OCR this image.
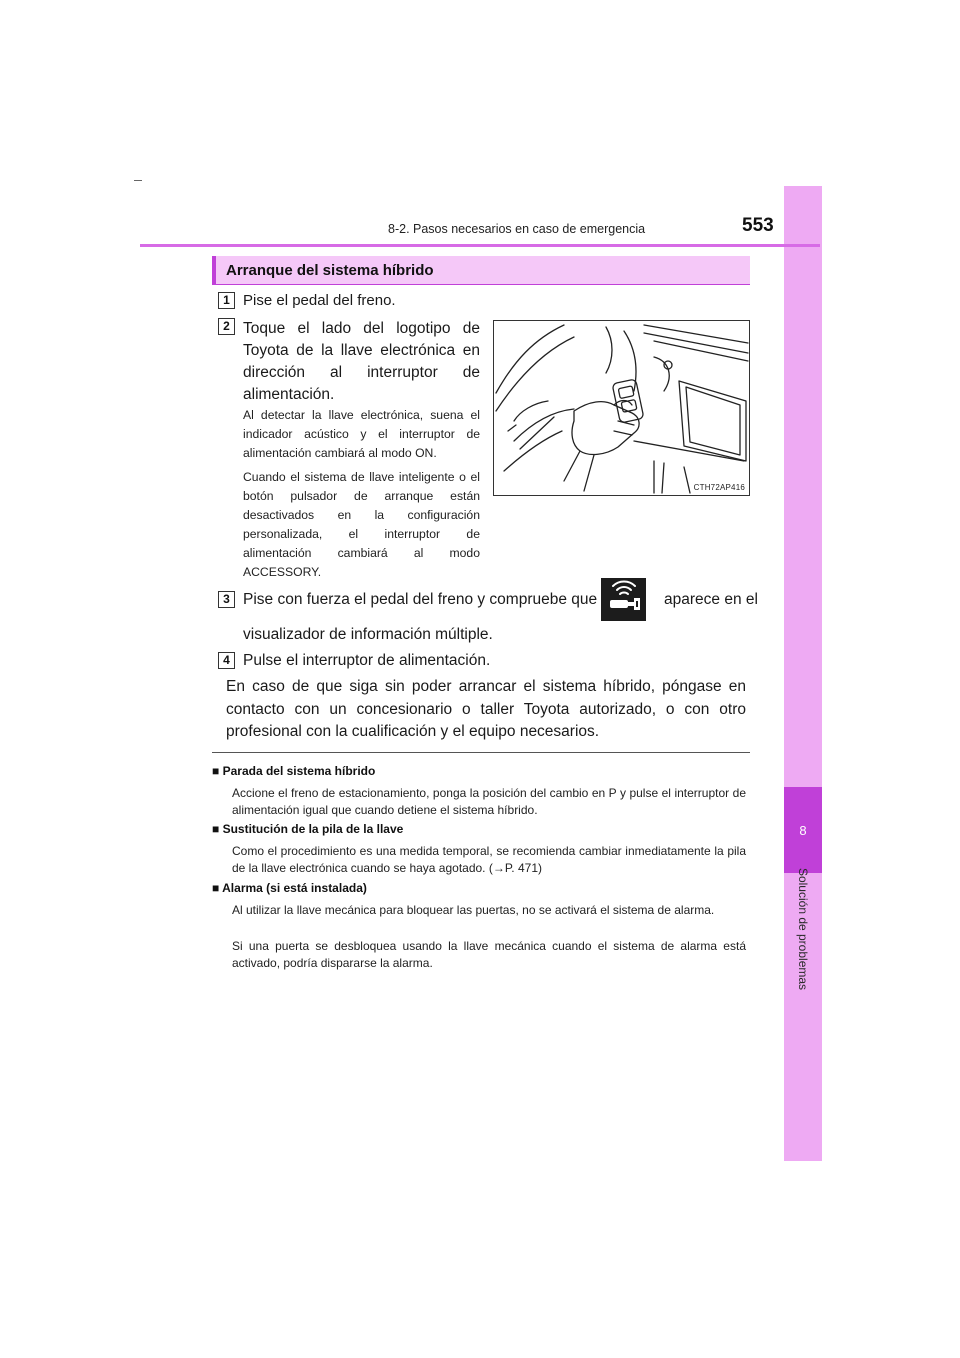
8
Solución de problemas
8-2. Pasos necesarios en caso de emergencia	553
Arranque del sistema híbrido
1 Pise el pedal del freno.
2 Toque el lado del logotipo de Toyota de la llave electrónica en dirección al interruptor de alimentación.
Al detectar la llave electrónica, suena el indicador acústico y el interruptor de alimentación cambiará al modo ON.
Cuando el sistema de llave inteligente o el botón pulsador de arranque están desactivados en la configuración personalizada, el interruptor de alimentación cambiará al modo ACCESSORY.
CTH72AP416
3 Pise con fuerza el pedal del freno y compruebe que	aparece en el
visualizador de información múltiple.
4 Pulse el interruptor de alimentación.
En caso de que siga sin poder arrancar el sistema híbrido, póngase en contacto con un concesionario o taller Toyota autorizado, o con otro profesional con la cualificación y el equipo necesarios.
■ Parada del sistema híbrido
Accione el freno de estacionamiento, ponga la posición del cambio en P y pulse el interruptor de alimentación igual que cuando detiene el sistema híbrido.
■ Sustitución de la pila de la llave
Como el procedimiento es una medida temporal, se recomienda cambiar inmediatamente la pila de la llave electrónica cuando se haya agotado. (→P. 471)
■ Alarma (si está instalada)
Al utilizar la llave mecánica para bloquear las puertas, no se activará el sistema de alarma.
Si una puerta se desbloquea usando la llave mecánica cuando el sistema de alarma está activado, podría dispararse la alarma.
